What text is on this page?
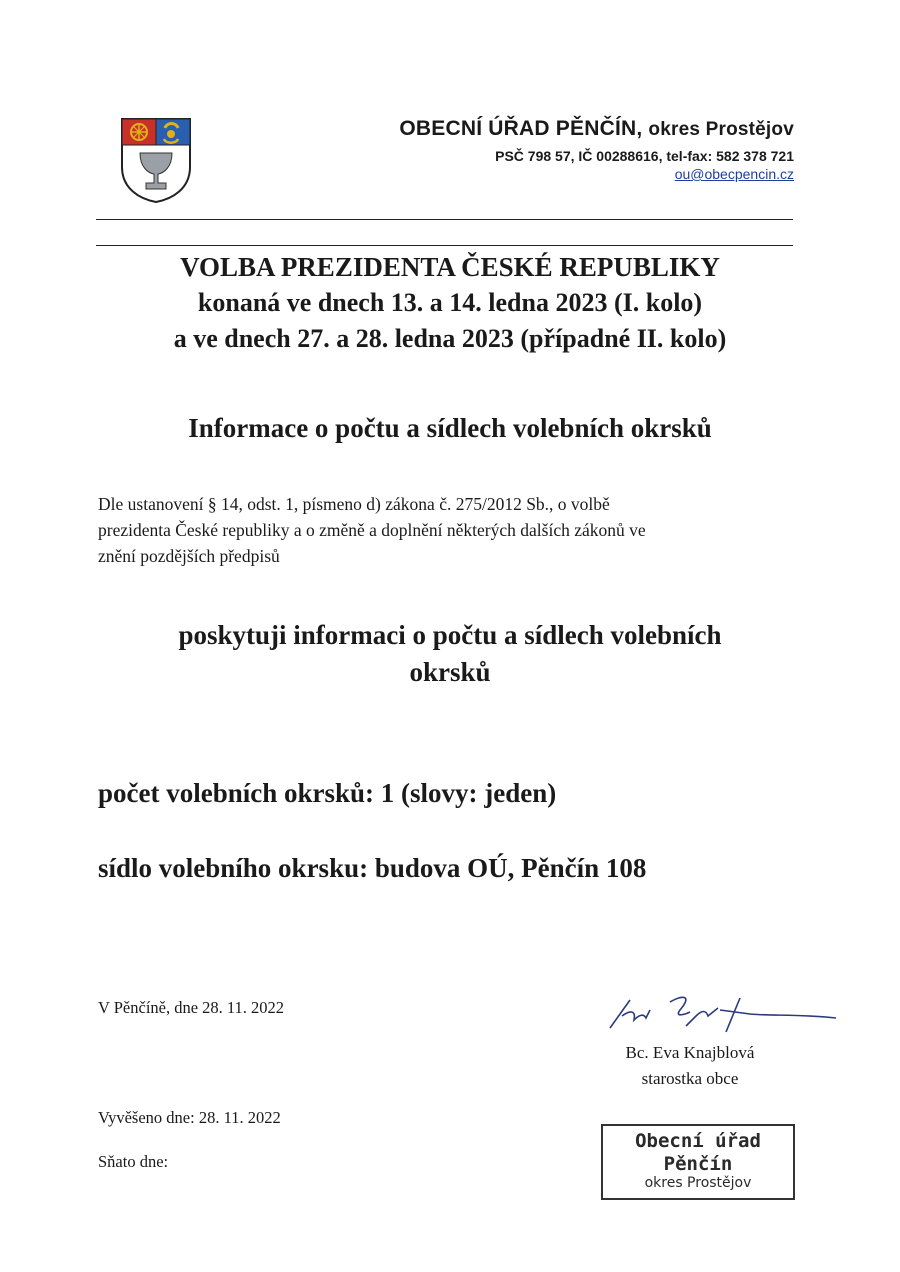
OBECNÍ ÚŘAD PĚNČÍN, okres Prostějov
PSČ 798 57, IČ 00288616, tel-fax: 582 378 721
ou@obecpencin.cz
VOLBA PREZIDENTA ČESKÉ REPUBLIKY
konaná ve dnech 13. a 14. ledna 2023 (I. kolo)
a ve dnech 27. a 28. ledna 2023 (případné II. kolo)
Informace o počtu a sídlech volebních okrsků
Dle ustanovení § 14, odst. 1, písmeno d) zákona č. 275/2012 Sb., o volbě
prezidenta České republiky a o změně a doplnění některých dalších zákonů ve
znění pozdějších předpisů
poskytuji informaci o počtu a sídlech volebních
okrsků
počet volebních okrsků: 1 (slovy: jeden)
sídlo volebního okrsku: budova OÚ, Pěnčín 108
V Pěnčíně, dne 28. 11. 2022
Bc. Eva Knajblová
starostka obce
Vyvěšeno dne: 28. 11. 2022
Sňato dne:
Obecní úřad
Pěnčín
okres Prostějov
